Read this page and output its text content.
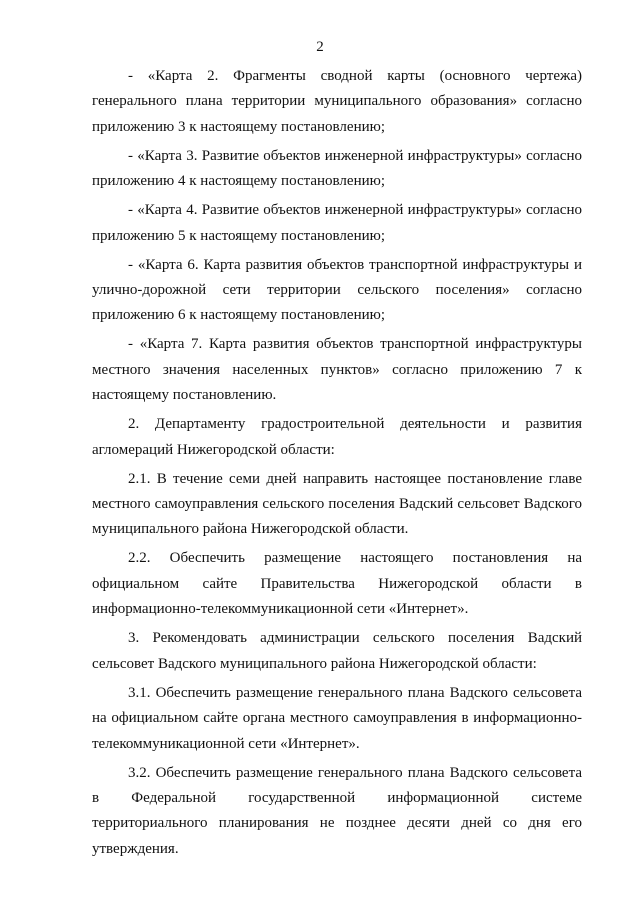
2

- «Карта 2. Фрагменты сводной карты (основного чертежа) генерального плана территории муниципального образования» согласно приложению 3 к настоящему постановлению;

- «Карта 3. Развитие объектов инженерной инфраструктуры» согласно приложению 4 к настоящему постановлению;

- «Карта 4. Развитие объектов инженерной инфраструктуры» согласно приложению 5 к настоящему постановлению;

- «Карта 6. Карта развития объектов транспортной инфраструктуры и улично-дорожной сети территории сельского поселения» согласно приложению 6 к настоящему постановлению;

- «Карта 7. Карта развития объектов транспортной инфраструктуры местного значения населенных пунктов» согласно приложению 7 к настоящему постановлению.

2. Департаменту градостроительной деятельности и развития агломераций Нижегородской области:

2.1. В течение семи дней направить настоящее постановление главе местного самоуправления сельского поселения Вадский сельсовет Вадского муниципального района Нижегородской области.

2.2. Обеспечить размещение настоящего постановления на официальном сайте Правительства Нижегородской области в информационно-телекоммуникационной сети «Интернет».

3. Рекомендовать администрации сельского поселения Вадский сельсовет Вадского муниципального района Нижегородской области:

3.1. Обеспечить размещение генерального плана Вадского сельсовета на официальном сайте органа местного самоуправления в информационно-телекоммуникационной сети «Интернет».

3.2. Обеспечить размещение генерального плана Вадского сельсовета в Федеральной государственной информационной системе территориального планирования не позднее десяти дней со дня его утверждения.
